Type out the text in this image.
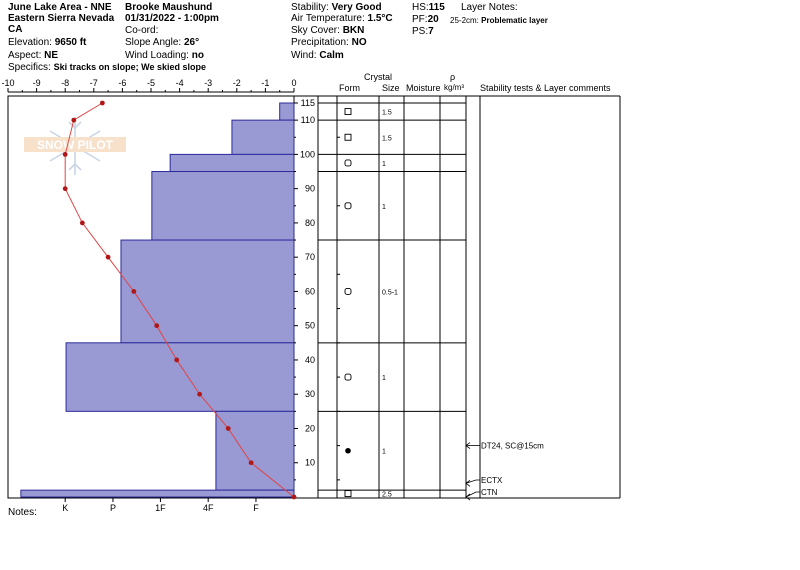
June Lake Area - NNE
Eastern Sierra Nevada
CA
Elevation: 9650 ft
Aspect: NE
Specifics: Ski tracks on slope; We skied slope
Brooke Maushund
01/31/2022 - 1:00pm
Co-ord:
Slope Angle: 26°
Wind Loading: no
Stability: Very Good
Air Temperature: 1.5°C
Sky Cover: BKN
Precipitation: NO
Wind: Calm
HS:115
PF:20
PS:7
Layer Notes:
25-2cm: Problematic layer
Crystal
Form Size Moisture
ρ
kg/m³ Stability tests & Layer comments
Notes:
SNOW PILOT
-10 -9 -8 -7 -6 -5 -4 -3 -2 -1 0
K	P	1F	4F	F
10
20
30
40
50
60
70
80
90
100
110
115
1.5
1.5
1
1
0.5-1
1
1
2.5
DT24, SC@15cm
ECTX
CTN
